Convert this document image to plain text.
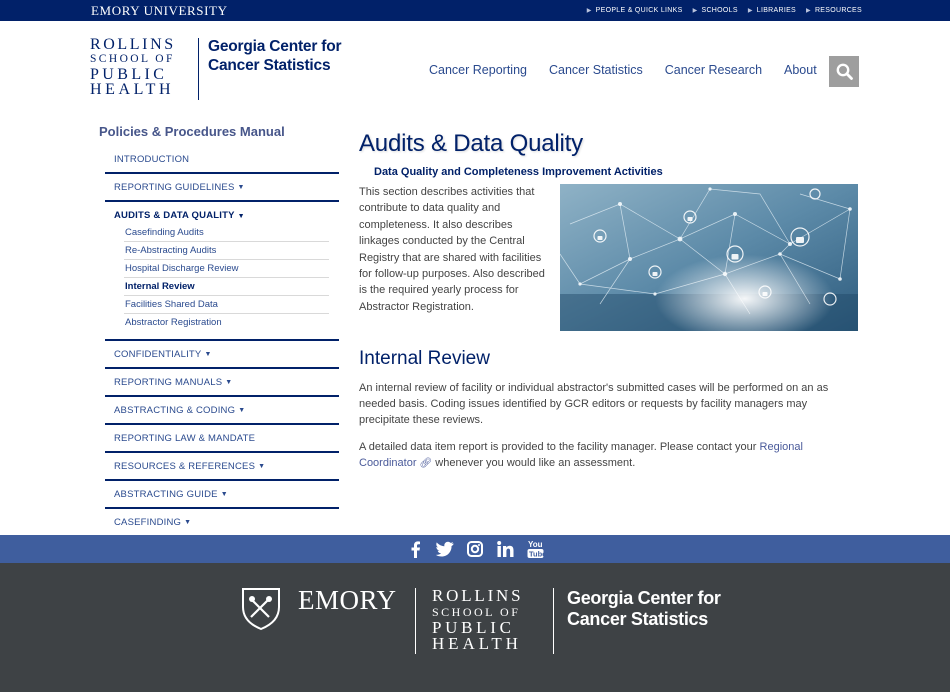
EMORY UNIVERSITY	▶ PEOPLE & QUICK LINKS ▶ SCHOOLS ▶ LIBRARIES ▶ RESOURCES
ROLLINS
SCHOOL OF
PUBLIC
HEALTH
Georgia Center for
Cancer Statistics	Cancer Reporting Cancer Statistics Cancer Research About
Policies & Procedures Manual
INTRODUCTION
REPORTING GUIDELINES ▼
AUDITS & DATA QUALITY ▼
Casefinding Audits
Re-Abstracting Audits
Hospital Discharge Review
Internal Review
Facilities Shared Data
Abstractor Registration
CONFIDENTIALITY ▼
REPORTING MANUALS ▼
ABSTRACTING & CODING ▼
REPORTING LAW & MANDATE
RESOURCES & REFERENCES ▼
ABSTRACTING GUIDE ▼
CASEFINDING ▼
Audits & Data Quality
Data Quality and Completeness Improvement Activities
This section describes activities that contribute to data quality and completeness. It also describes linkages conducted by the Central Registry that are shared with facilities for follow-up purposes. Also described is the required yearly process for Abstractor Registration.
Internal Review

An internal review of facility or individual abstractor's submitted cases will be performed on an as needed basis. Coding issues identified by GCR editors or requests by facility managers may precipitate these reviews.

A detailed data item report is provided to the facility manager. Please contact your Regional Coordinator 🔗︎ whenever you would like an assessment.

You
Tube
EMORY ROLLINS
SCHOOL OF
PUBLIC
HEALTH
Georgia Center for
Cancer Statistics
